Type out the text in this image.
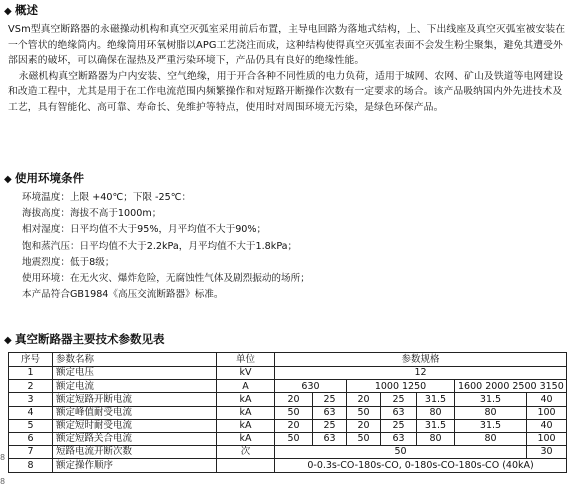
◆ 概述

VSm型真空断路器的永磁操动机构和真空灭弧室采用前后布置，主导电回路为落地式结构，上、下出线座及真空灭弧室被安装在一个管状的绝缘筒内。绝缘筒用环氧树脂以APG工艺浇注而成，这种结构使得真空灭弧室表面不会发生粉尘聚集，避免其遭受外部因素的破坏，可以确保在湿热及严重污染环境下，产品仍具有良好的绝缘性能。

永磁机构真空断路器为户内安装、空气绝缘，用于开合各种不同性质的电力负荷，适用于城网、农网、矿山及铁道等电网建设和改造工程中，尤其是用于在工作电流范围内频繁操作和对短路开断操作次数有一定要求的场合。该产品吸纳国内外先进技术及工艺，具有智能化、高可靠、寿命长、免维护等特点，使用时对周围环境无污染，是绿色环保产品。

◆ 使用环境条件
环境温度：上限 +40℃；下限 -25℃：
海拔高度：海拔不高于1000m；
相对湿度：日平均值不大于95%，月平均值不大于90%；
饱和蒸汽压：日平均值不大于2.2kPa，月平均值不大于1.8kPa；
地震烈度：低于8级；
使用环境：在无火灾、爆炸危险，无腐蚀性气体及剧烈振动的场所；
本产品符合GB1984《高压交流断路器》标准。
◆ 真空断路器主要技术参数见表
序号	参数名称	单位	参数规格						
1	额定电压	kV	12						
2	额定电流	A	630		1000 1250			1600 2000 2500 3150	
3	额定短路开断电流	kA	20	25	20	25	31.5	31.5	40
4	额定峰值耐受电流	kA	50	63	50	63	80	80	100
5	额定短时耐受电流	kA	20	25	20	25	31.5	31.5	40
6	额定短路关合电流	kA	50	63	50	63	80	80	100
7	短路电流开断次数	次	50						30
8	额定操作顺序		0-0.3s-CO-180s-CO, 0-180s-CO-180s-CO (40kA)						
8
8
